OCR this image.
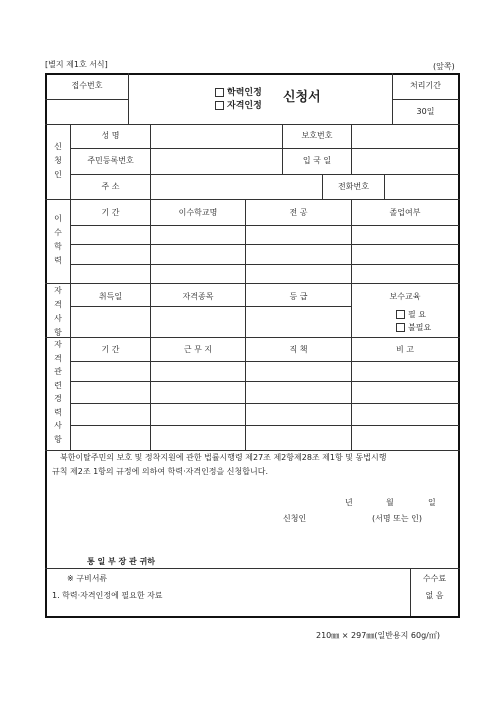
[별지 제1호 서식]	(앞쪽)
접수번호
학력인정
자격인정
신청서
처리기간
30일
신
청
인
성 명	보호번호
주민등록번호	입 국 일
주 소	전화번호
이
수
학
력
기 간	이수학교명	전 공	졸업여부
자
격
사
항
취득일	자격종목	등 급	보수교육
필 요
불필요
자
격
관
련
경
력
사
항
기 간	근 무 지	직 책	비 고
북한이탈주민의 보호 및 정착지원에 관한 법률시행령 제27조 제2항제28조 제1항 및 동법시행
규칙 제2조 1항의 규정에 의하여 학력·자격인정을 신청합니다.
년	월	일
신청인	(서명 또는 인)
통 일 부 장 관 귀하
※ 구비서류
1. 학력·자격인정에 필요한 자료
수수료
없 음
210㎜ × 297㎜(일반용지 60g/㎡)
